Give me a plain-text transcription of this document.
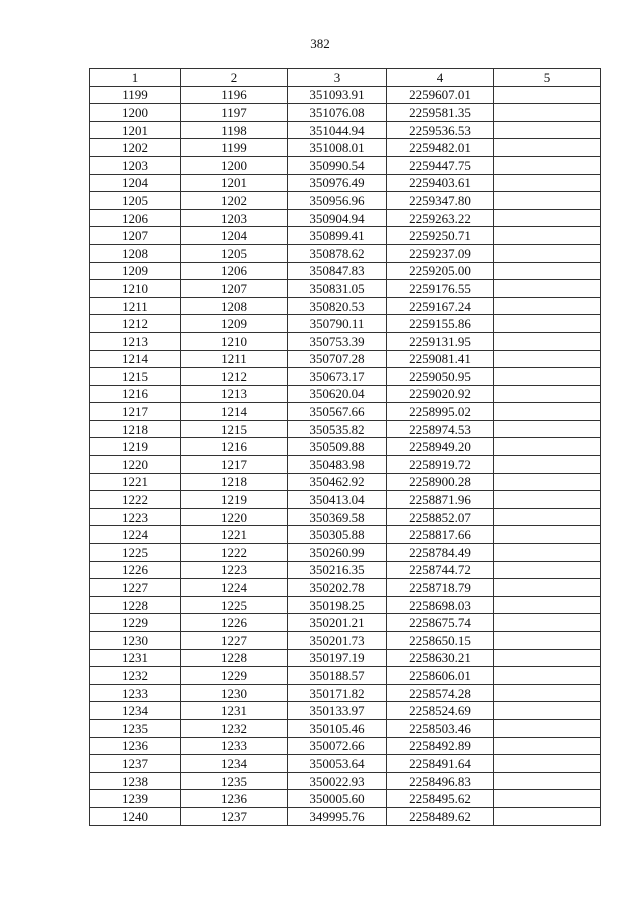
382
1	2	3	4	5
1199	1196	351093.91	2259607.01	
1200	1197	351076.08	2259581.35	
1201	1198	351044.94	2259536.53	
1202	1199	351008.01	2259482.01	
1203	1200	350990.54	2259447.75	
1204	1201	350976.49	2259403.61	
1205	1202	350956.96	2259347.80	
1206	1203	350904.94	2259263.22	
1207	1204	350899.41	2259250.71	
1208	1205	350878.62	2259237.09	
1209	1206	350847.83	2259205.00	
1210	1207	350831.05	2259176.55	
1211	1208	350820.53	2259167.24	
1212	1209	350790.11	2259155.86	
1213	1210	350753.39	2259131.95	
1214	1211	350707.28	2259081.41	
1215	1212	350673.17	2259050.95	
1216	1213	350620.04	2259020.92	
1217	1214	350567.66	2258995.02	
1218	1215	350535.82	2258974.53	
1219	1216	350509.88	2258949.20	
1220	1217	350483.98	2258919.72	
1221	1218	350462.92	2258900.28	
1222	1219	350413.04	2258871.96	
1223	1220	350369.58	2258852.07	
1224	1221	350305.88	2258817.66	
1225	1222	350260.99	2258784.49	
1226	1223	350216.35	2258744.72	
1227	1224	350202.78	2258718.79	
1228	1225	350198.25	2258698.03	
1229	1226	350201.21	2258675.74	
1230	1227	350201.73	2258650.15	
1231	1228	350197.19	2258630.21	
1232	1229	350188.57	2258606.01	
1233	1230	350171.82	2258574.28	
1234	1231	350133.97	2258524.69	
1235	1232	350105.46	2258503.46	
1236	1233	350072.66	2258492.89	
1237	1234	350053.64	2258491.64	
1238	1235	350022.93	2258496.83	
1239	1236	350005.60	2258495.62	
1240	1237	349995.76	2258489.62	
